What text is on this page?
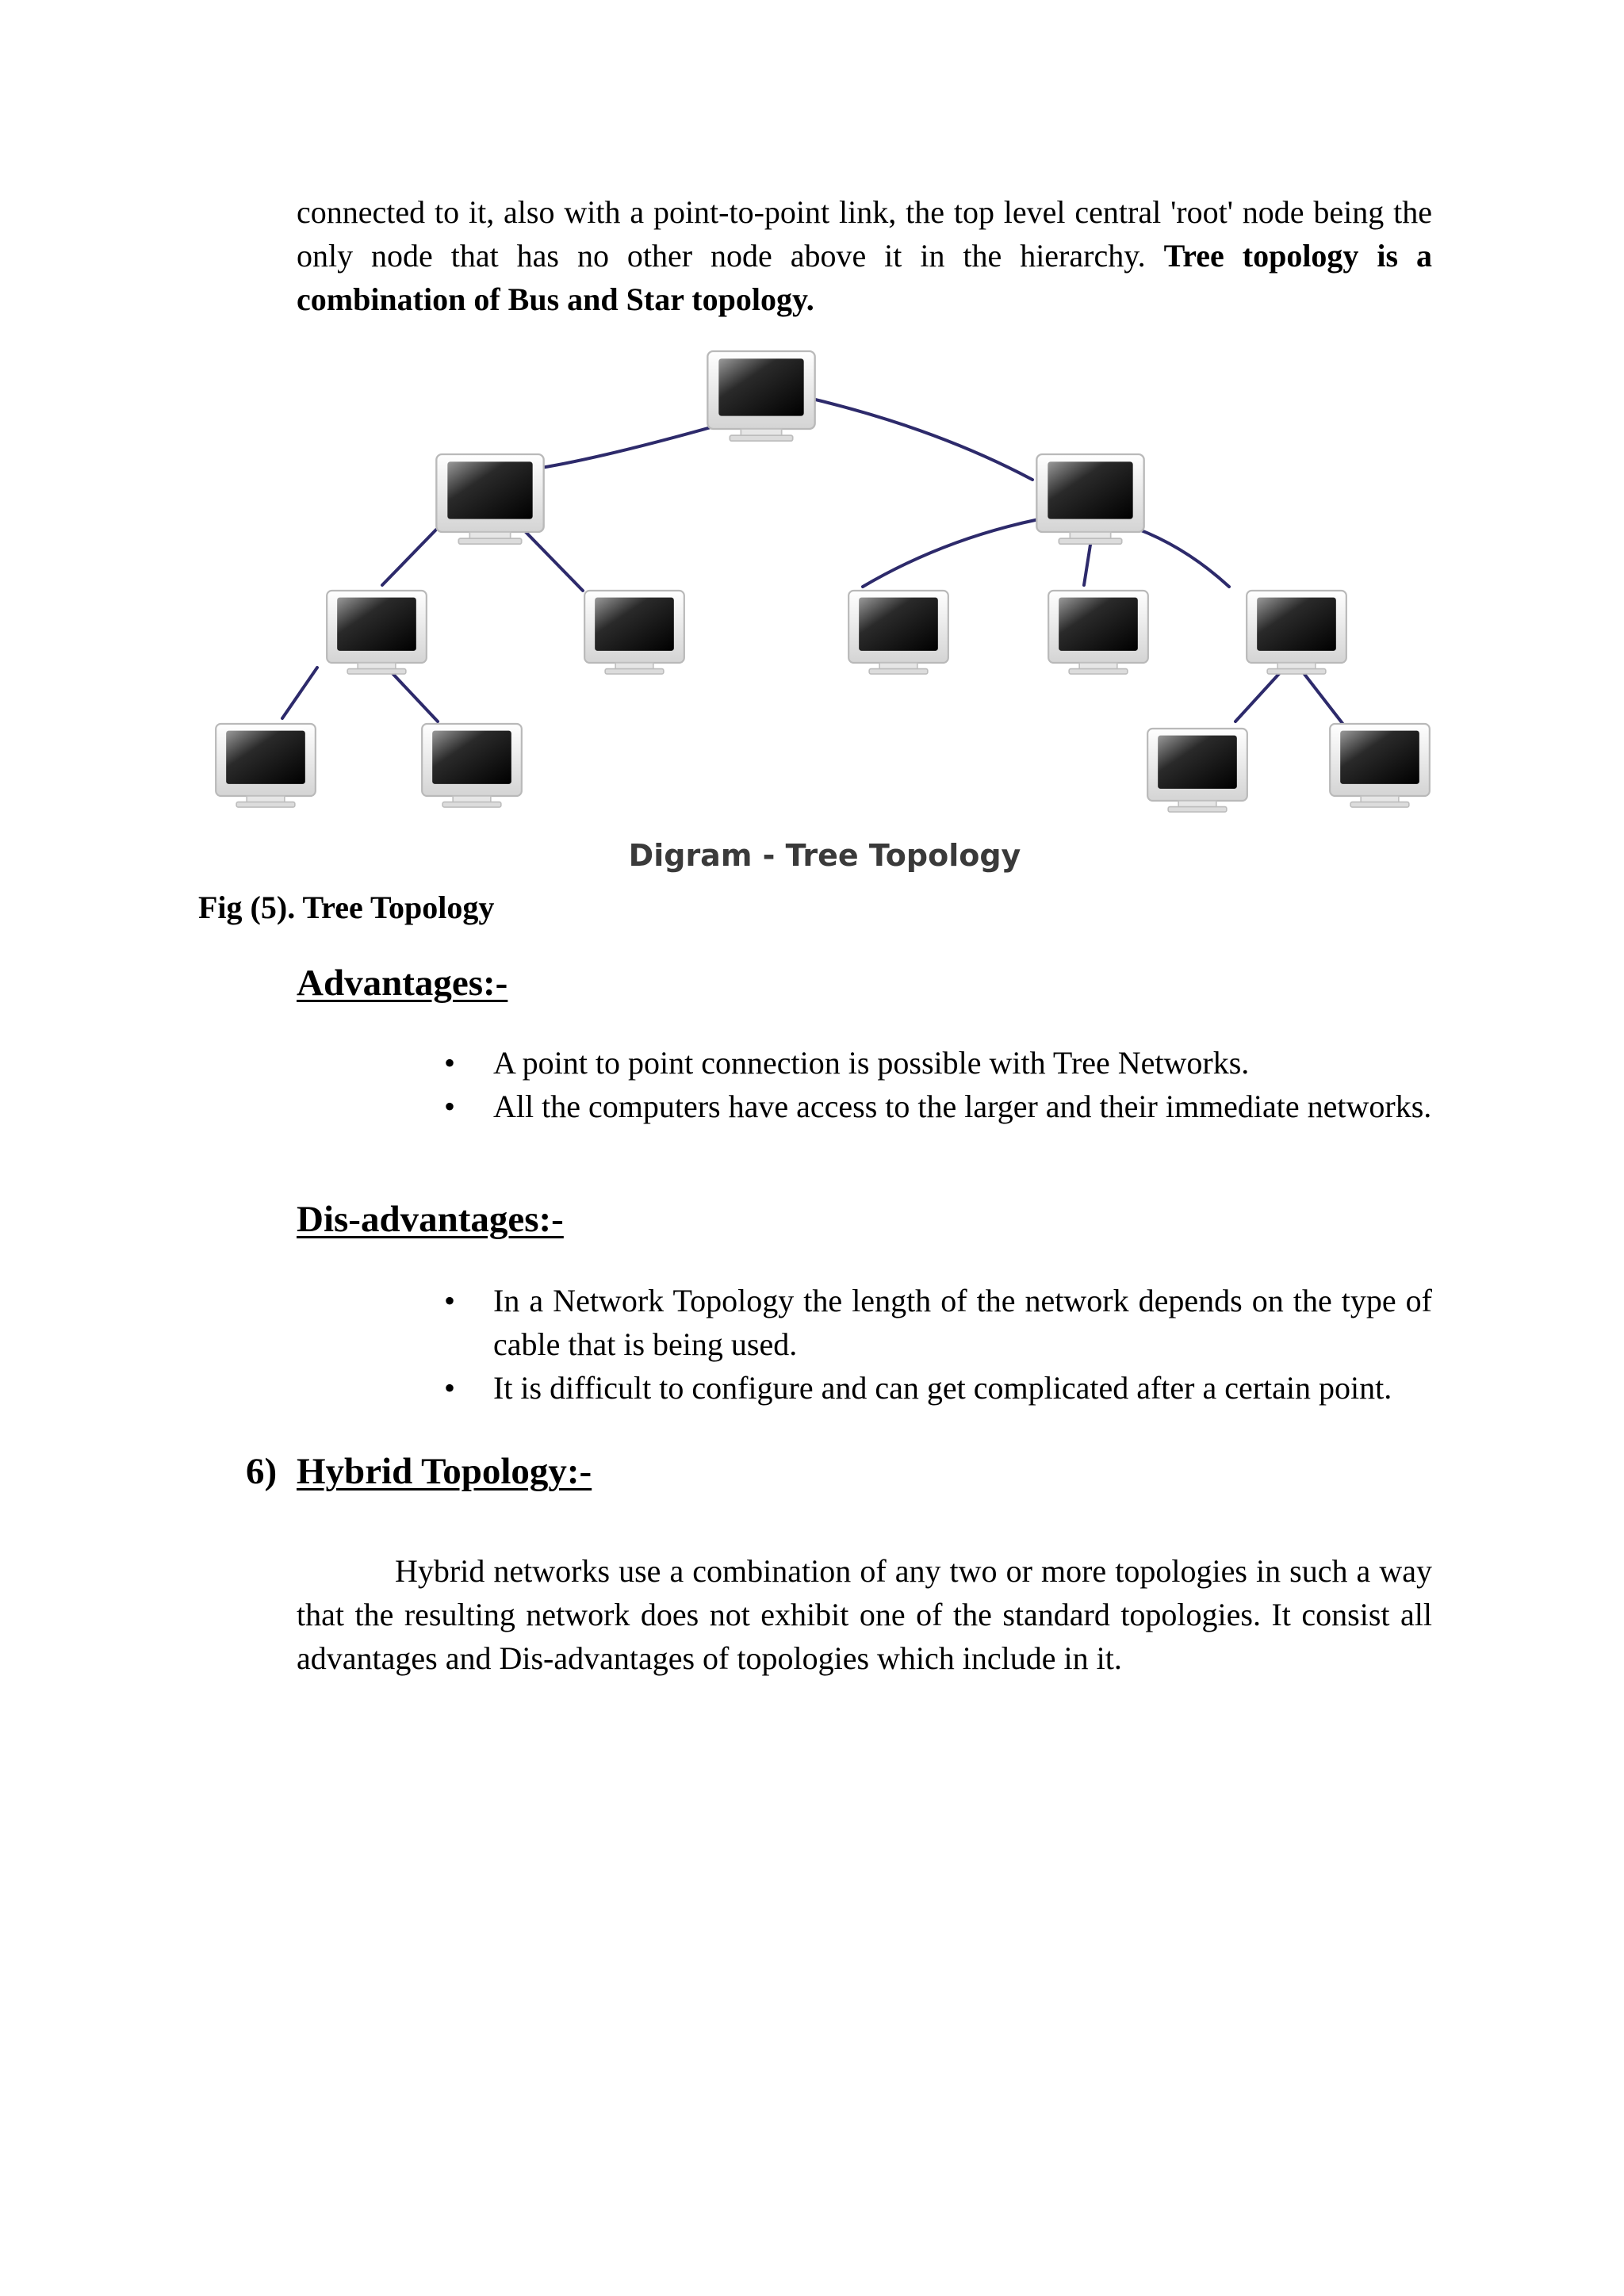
connected to it, also with a point-to-point link, the top level central 'root' node being the only node that has no other node above it in the hierarchy. Tree topology is a combination of Bus and Star topology.

Digram - Tree Topology
Fig (5). Tree Topology
Advantages:-
• A point to point connection is possible with Tree Networks.
• All the computers have access to the larger and their immediate networks.
Dis-advantages:-
• In a Network Topology the length of the network depends on the type of cable that is being used.
• It is difficult to configure and can get complicated after a certain point.
6) Hybrid Topology:-

Hybrid networks use a combination of any two or more topologies in such a way that the resulting network does not exhibit one of the standard topologies. It consist all advantages and Dis-advantages of topologies which include in it.
